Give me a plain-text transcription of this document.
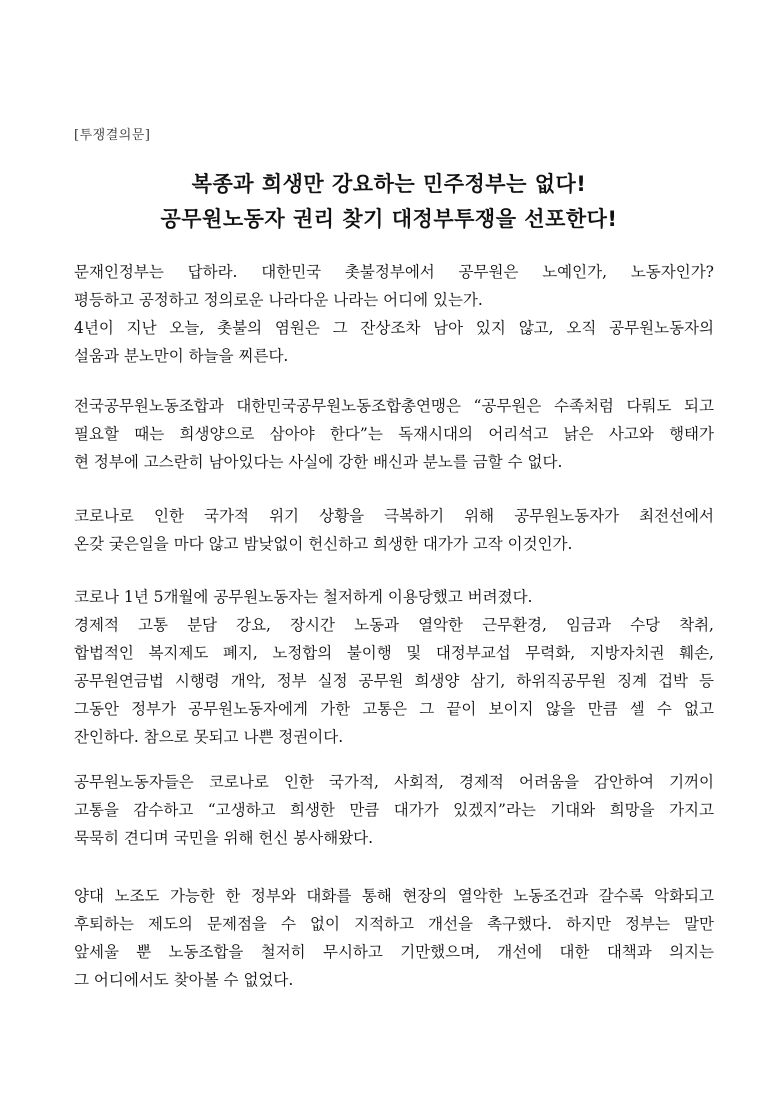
[투쟁결의문]
복종과 희생만 강요하는 민주정부는 없다!
공무원노동자 권리 찾기 대정부투쟁을 선포한다!
문재인정부는 답하라. 대한민국 촛불정부에서 공무원은 노예인가, 노동자인가?
평등하고 공정하고 정의로운 나라다운 나라는 어디에 있는가.
4년이 지난 오늘, 촛불의 염원은 그 잔상조차 남아 있지 않고, 오직 공무원노동자의
설움과 분노만이 하늘을 찌른다.
전국공무원노동조합과 대한민국공무원노동조합총연맹은 “공무원은 수족처럼 다뤄도 되고
필요할 때는 희생양으로 삼아야 한다”는 독재시대의 어리석고 낡은 사고와 행태가
현 정부에 고스란히 남아있다는 사실에 강한 배신과 분노를 금할 수 없다.
코로나로 인한 국가적 위기 상황을 극복하기 위해 공무원노동자가 최전선에서
온갖 궂은일을 마다 않고 밤낮없이 헌신하고 희생한 대가가 고작 이것인가.
코로나 1년 5개월에 공무원노동자는 철저하게 이용당했고 버려졌다.
경제적 고통 분담 강요, 장시간 노동과 열악한 근무환경, 임금과 수당 착취,
합법적인 복지제도 폐지, 노정합의 불이행 및 대정부교섭 무력화, 지방자치권 훼손,
공무원연금법 시행령 개악, 정부 실정 공무원 희생양 삼기, 하위직공무원 징계 겁박 등
그동안 정부가 공무원노동자에게 가한 고통은 그 끝이 보이지 않을 만큼 셀 수 없고
잔인하다. 참으로 못되고 나쁜 정권이다.
공무원노동자들은 코로나로 인한 국가적, 사회적, 경제적 어려움을 감안하여 기꺼이
고통을 감수하고 “고생하고 희생한 만큼 대가가 있겠지”라는 기대와 희망을 가지고
묵묵히 견디며 국민을 위해 헌신 봉사해왔다.
양대 노조도 가능한 한 정부와 대화를 통해 현장의 열악한 노동조건과 갈수록 악화되고
후퇴하는 제도의 문제점을 수 없이 지적하고 개선을 촉구했다. 하지만 정부는 말만
앞세울 뿐 노동조합을 철저히 무시하고 기만했으며, 개선에 대한 대책과 의지는
그 어디에서도 찾아볼 수 없었다.
